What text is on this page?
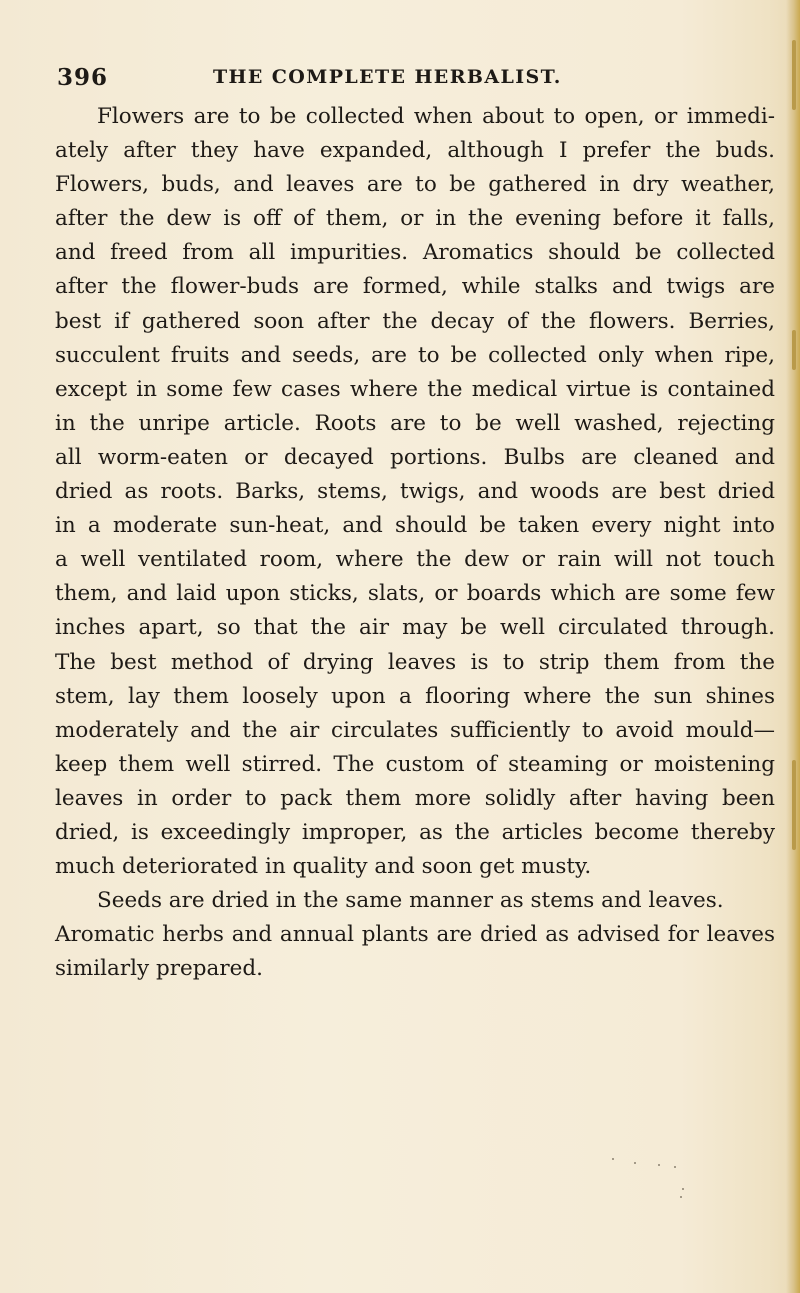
396	THE COMPLETE HERBALIST.
Flowers are to be collected when about to open, or immedi-
ately after they have expanded, although I prefer the buds.
Flowers, buds, and leaves are to be gathered in dry weather,
after the dew is off of them, or in the evening before it falls,
and freed from all impurities. Aromatics should be collected
after the flower-buds are formed, while stalks and twigs are
best if gathered soon after the decay of the flowers. Berries,
succulent fruits and seeds, are to be collected only when ripe,
except in some few cases where the medical virtue is contained
in the unripe article. Roots are to be well washed, rejecting
all worm-eaten or decayed portions. Bulbs are cleaned and
dried as roots. Barks, stems, twigs, and woods are best dried
in a moderate sun-heat, and should be taken every night into
a well ventilated room, where the dew or rain will not touch
them, and laid upon sticks, slats, or boards which are some few
inches apart, so that the air may be well circulated through.
The best method of drying leaves is to strip them from the
stem, lay them loosely upon a flooring where the sun shines
moderately and the air circulates sufficiently to avoid mould—
keep them well stirred. The custom of steaming or moistening
leaves in order to pack them more solidly after having been
dried, is exceedingly improper, as the articles become thereby
much deteriorated in quality and soon get musty.
Seeds are dried in the same manner as stems and leaves.
Aromatic herbs and annual plants are dried as advised for leaves
similarly prepared.
